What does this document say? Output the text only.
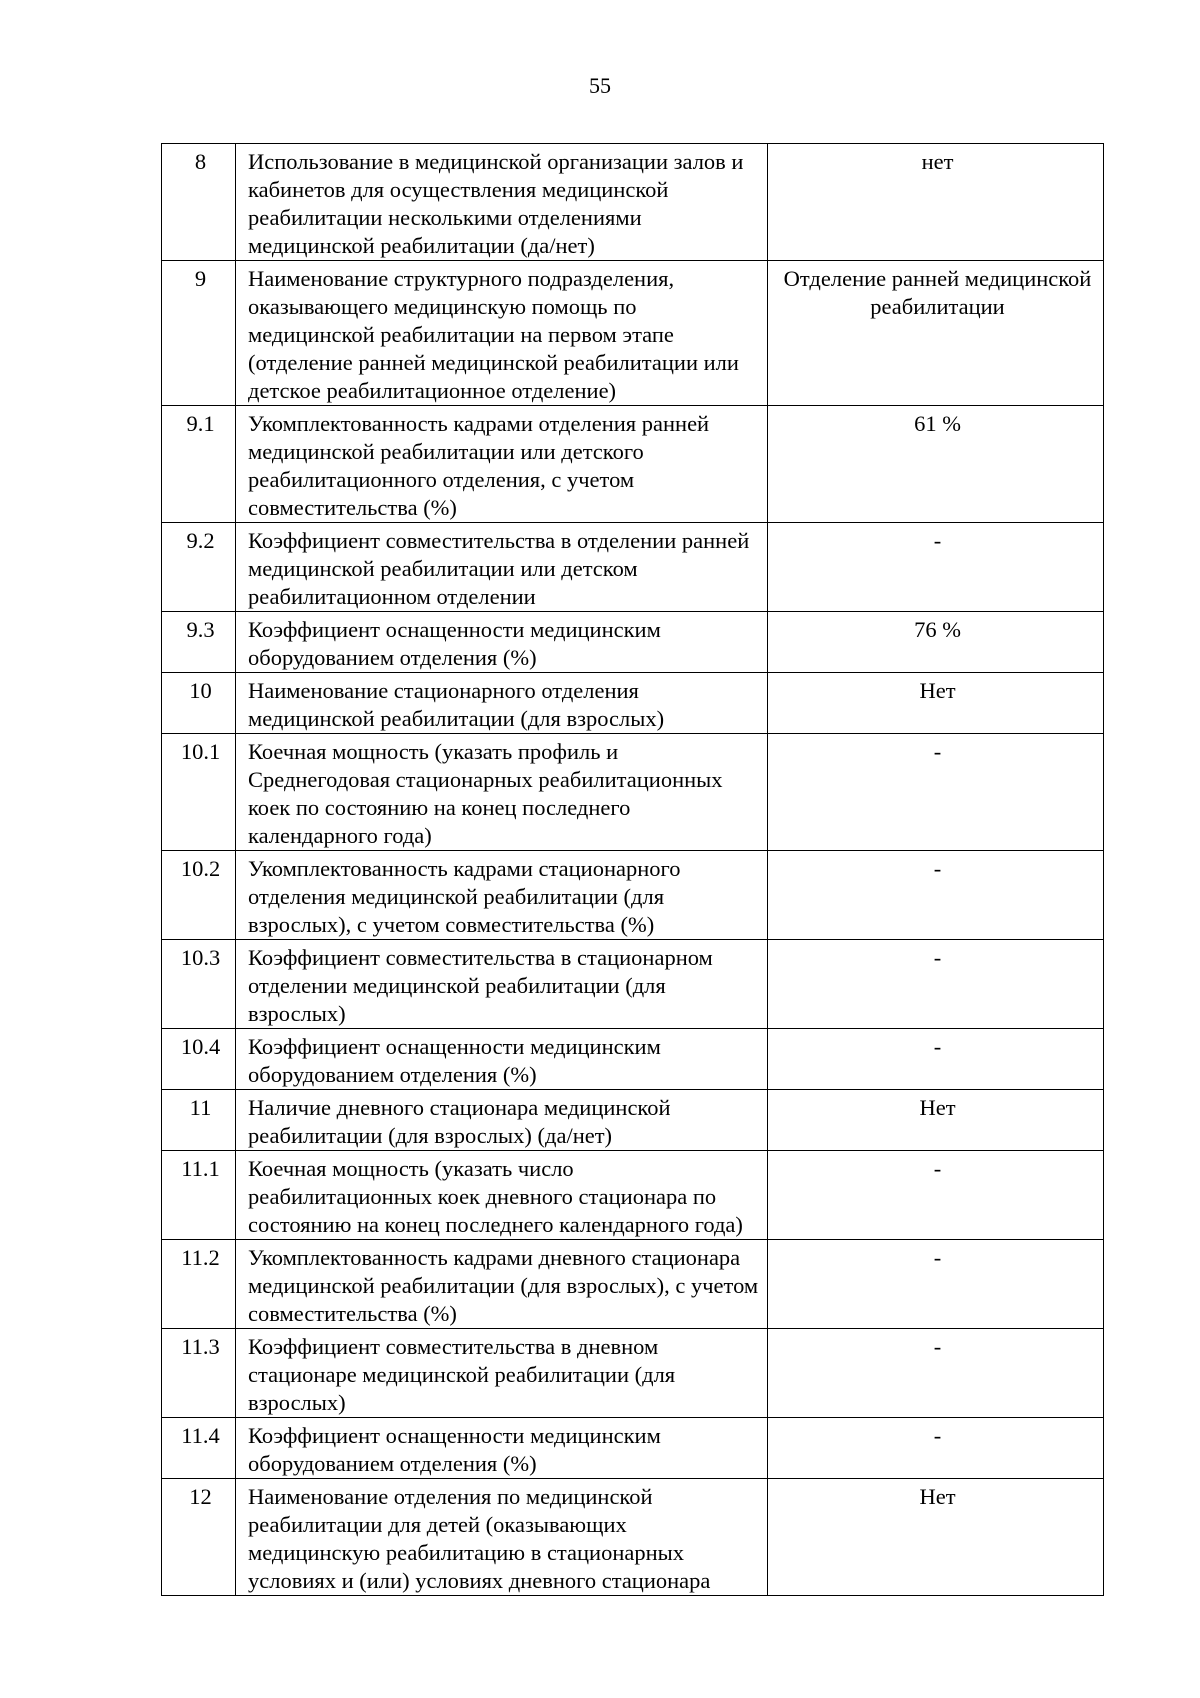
55
8	Использование в медицинской организации залов и кабинетов для осуществления медицинской реабилитации несколькими отделениями медицинской реабилитации (да/нет)	нет
9	Наименование структурного подразделения, оказывающего медицинскую помощь по медицинской реабилитации на первом этапе (отделение ранней медицинской реабилитации или детское реабилитационное отделение)	Отделение ранней медицинской реабилитации
9.1	Укомплектованность кадрами отделения ранней медицинской реабилитации или детского реабилитационного отделения, с учетом совместительства (%)	61 %
9.2	Коэффициент совместительства в отделении ранней медицинской реабилитации или детском реабилитационном отделении	-
9.3	Коэффициент оснащенности медицинским оборудованием отделения (%)	76 %
10	Наименование стационарного отделения медицинской реабилитации (для взрослых)	Нет
10.1	Коечная мощность (указать профиль и Среднегодовая стационарных реабилитационных коек по состоянию на конец последнего календарного года)	-
10.2	Укомплектованность кадрами стационарного отделения медицинской реабилитации (для взрослых), с учетом совместительства (%)	-
10.3	Коэффициент совместительства в стационарном отделении медицинской реабилитации (для взрослых)	-
10.4	Коэффициент оснащенности медицинским оборудованием отделения (%)	-
11	Наличие дневного стационара медицинской реабилитации (для взрослых) (да/нет)	Нет
11.1	Коечная мощность (указать число реабилитационных коек дневного стационара по состоянию на конец последнего календарного года)	-
11.2	Укомплектованность кадрами дневного стационара медицинской реабилитации (для взрослых), с учетом совместительства (%)	-
11.3	Коэффициент совместительства в дневном стационаре медицинской реабилитации (для взрослых)	-
11.4	Коэффициент оснащенности медицинским оборудованием отделения (%)	-
12	Наименование отделения по медицинской реабилитации для детей (оказывающих медицинскую реабилитацию в стационарных условиях и (или) условиях дневного стационара	Нет
